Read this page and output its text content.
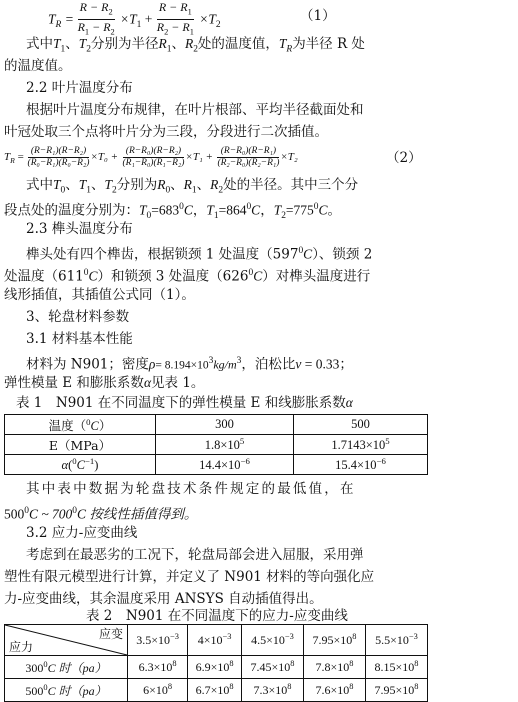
$T_R = \frac{R - R_2}{R_1 - R_2} \times T_1 + \frac{R - R_1}{R_2 - R_1} \times T_2$
（1）
式中$T_1$、$T_2$分别为半径$R_1$、$R_2$处的温度值，$T_R$为半径 R 处
的温度值。
2.2 叶片温度分布
根据叶片温度分布规律，在叶片根部、平均半径截面处和
叶冠处取三个点将叶片分为三段，分段进行二次插值。
$T_R = \frac{\text{(R−R₁)(R−R₂)}}{\text{(R₀−R₁)(R₀−R₂)}} \times T_0 + \frac{\text{(R−R₀)(R−R₂)}}{\text{(R₁−R₀)(R₁−R₂)}} \times T_1 + \frac{\text{(R−R₀)(R−R₁)}}{\text{(R₂−R₀)(R₂−R₁)}} \times T_2$	（2）
式中$T_0$、$T_1$、$T_2$分别为$R_0$、$R_1$、$R_2$处的半径。其中三个分
段点处的温度分别为：$T_0=683^0C$，$T_1=864^0C$，$T_2=775^0C$。
2.3 榫头温度分布
榫头处有四个榫齿，根据锁颈 1 处温度$(597^0C)$、锁颈 2
处温度$(611^0C)$和锁颈 3 处温度$(626^0C)$对榫头温度进行
线形插值，其插值公式同（1）。
3、轮盘材料参数
3.1 材料基本性能
材料为 N901；密度$\rho= 8.194\times 10^3kg/m^3$，泊松比ν = 0.33；
弹性模量 E 和膨胀系数α见表 1。
表 1　N901 在不同温度下的弹性模量 E 和线膨胀系数α
温度（$^0$C）	300	500
E（MPa）	$1.8\times 10^5$	$1.7143\times 10^5$
$\alpha(^0C^{-1})$	$14.4\times 10^{-6}$	$15.4\times 10^{-6}$
其中表中数据为轮盘技术条件规定的最低值，在
$500^0C$ ~ $700^0C$ 按线性插值得到。
3.2 应力-应变曲线
考虑到在最恶劣的工况下，轮盘局部会进入屈服，采用弹
塑性有限元模型进行计算，并定义了 N901 材料的等向强化应
力-应变曲线，其余温度采用 ANSYS 自动插值得出。
表 2　N901 在不同温度下的应力-应变曲线
应变
应力	$3.5\times 10^{-3}$	$4\times 10^{-3}$	$4.5\times 10^{-3}$	$7.95\times 10^8$	$5.5\times 10^{-3}$
$300^0C$ 时（pa）	$6.3\times 10^8$	$6.9\times 10^8$	$7.45\times 10^8$	$7.8\times 10^8$	$8.15\times 10^8$
$500^0C$ 时（pa）	$6\times 10^8$	$6.7\times 10^8$	$7.3\times 10^8$	$7.6\times 10^8$	$7.95\times 10^8$
